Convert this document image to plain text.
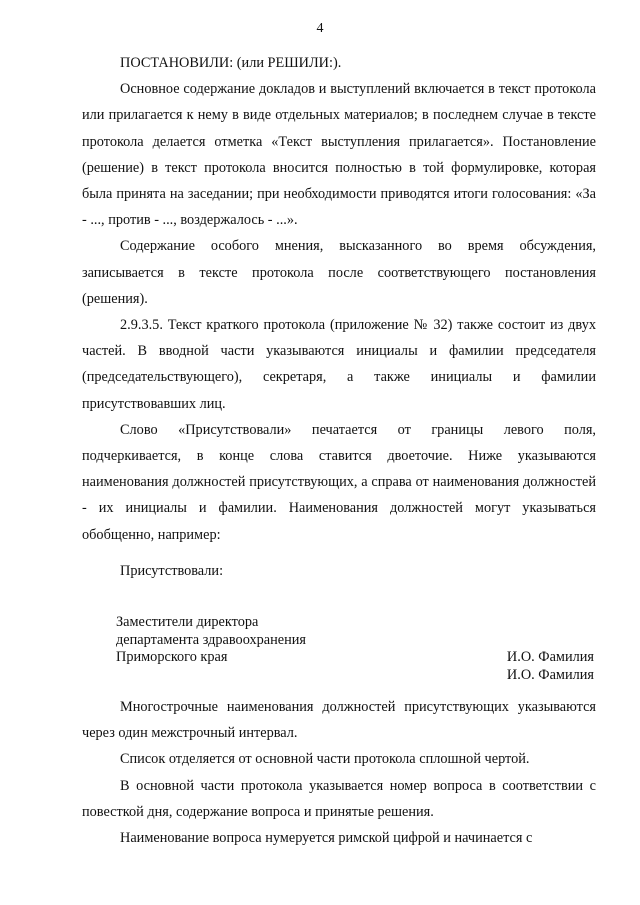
4

ПОСТАНОВИЛИ: (или РЕШИЛИ:).

Основное содержание докладов и выступлений включается в текст протокола или прилагается к нему в виде отдельных материалов; в последнем случае в тексте протокола делается отметка «Текст выступления прилагается». Постановление (решение) в текст протокола вносится полностью в той формулировке, которая была принята на заседании; при необходимости приводятся итоги голосования: «За - ..., против - ..., воздержалось - ...».

Содержание особого мнения, высказанного во время обсуждения, записывается в тексте протокола после соответствующего постановления (решения).

2.9.3.5. Текст краткого протокола (приложение № 32) также состоит из двух частей. В вводной части указываются инициалы и фамилии председателя (председательствующего), секретаря, а также инициалы и фамилии присутствовавших лиц.

Слово «Присутствовали» печатается от границы левого поля, подчеркивается, в конце слова ставится двоеточие. Ниже указываются наименования должностей присутствующих, а справа от наименования должностей - их инициалы и фамилии. Наименования должностей могут указываться обобщенно, например:

Присутствовали:

Заместители директора
департамента здравоохранения
Приморского края	И.О. Фамилия
И.О. Фамилия

Многострочные наименования должностей присутствующих указываются через один межстрочный интервал.

Список отделяется от основной части протокола сплошной чертой.

В основной части протокола указывается номер вопроса в соответствии с повесткой дня, содержание вопроса и принятые решения.

Наименование вопроса нумеруется римской цифрой и начинается с
